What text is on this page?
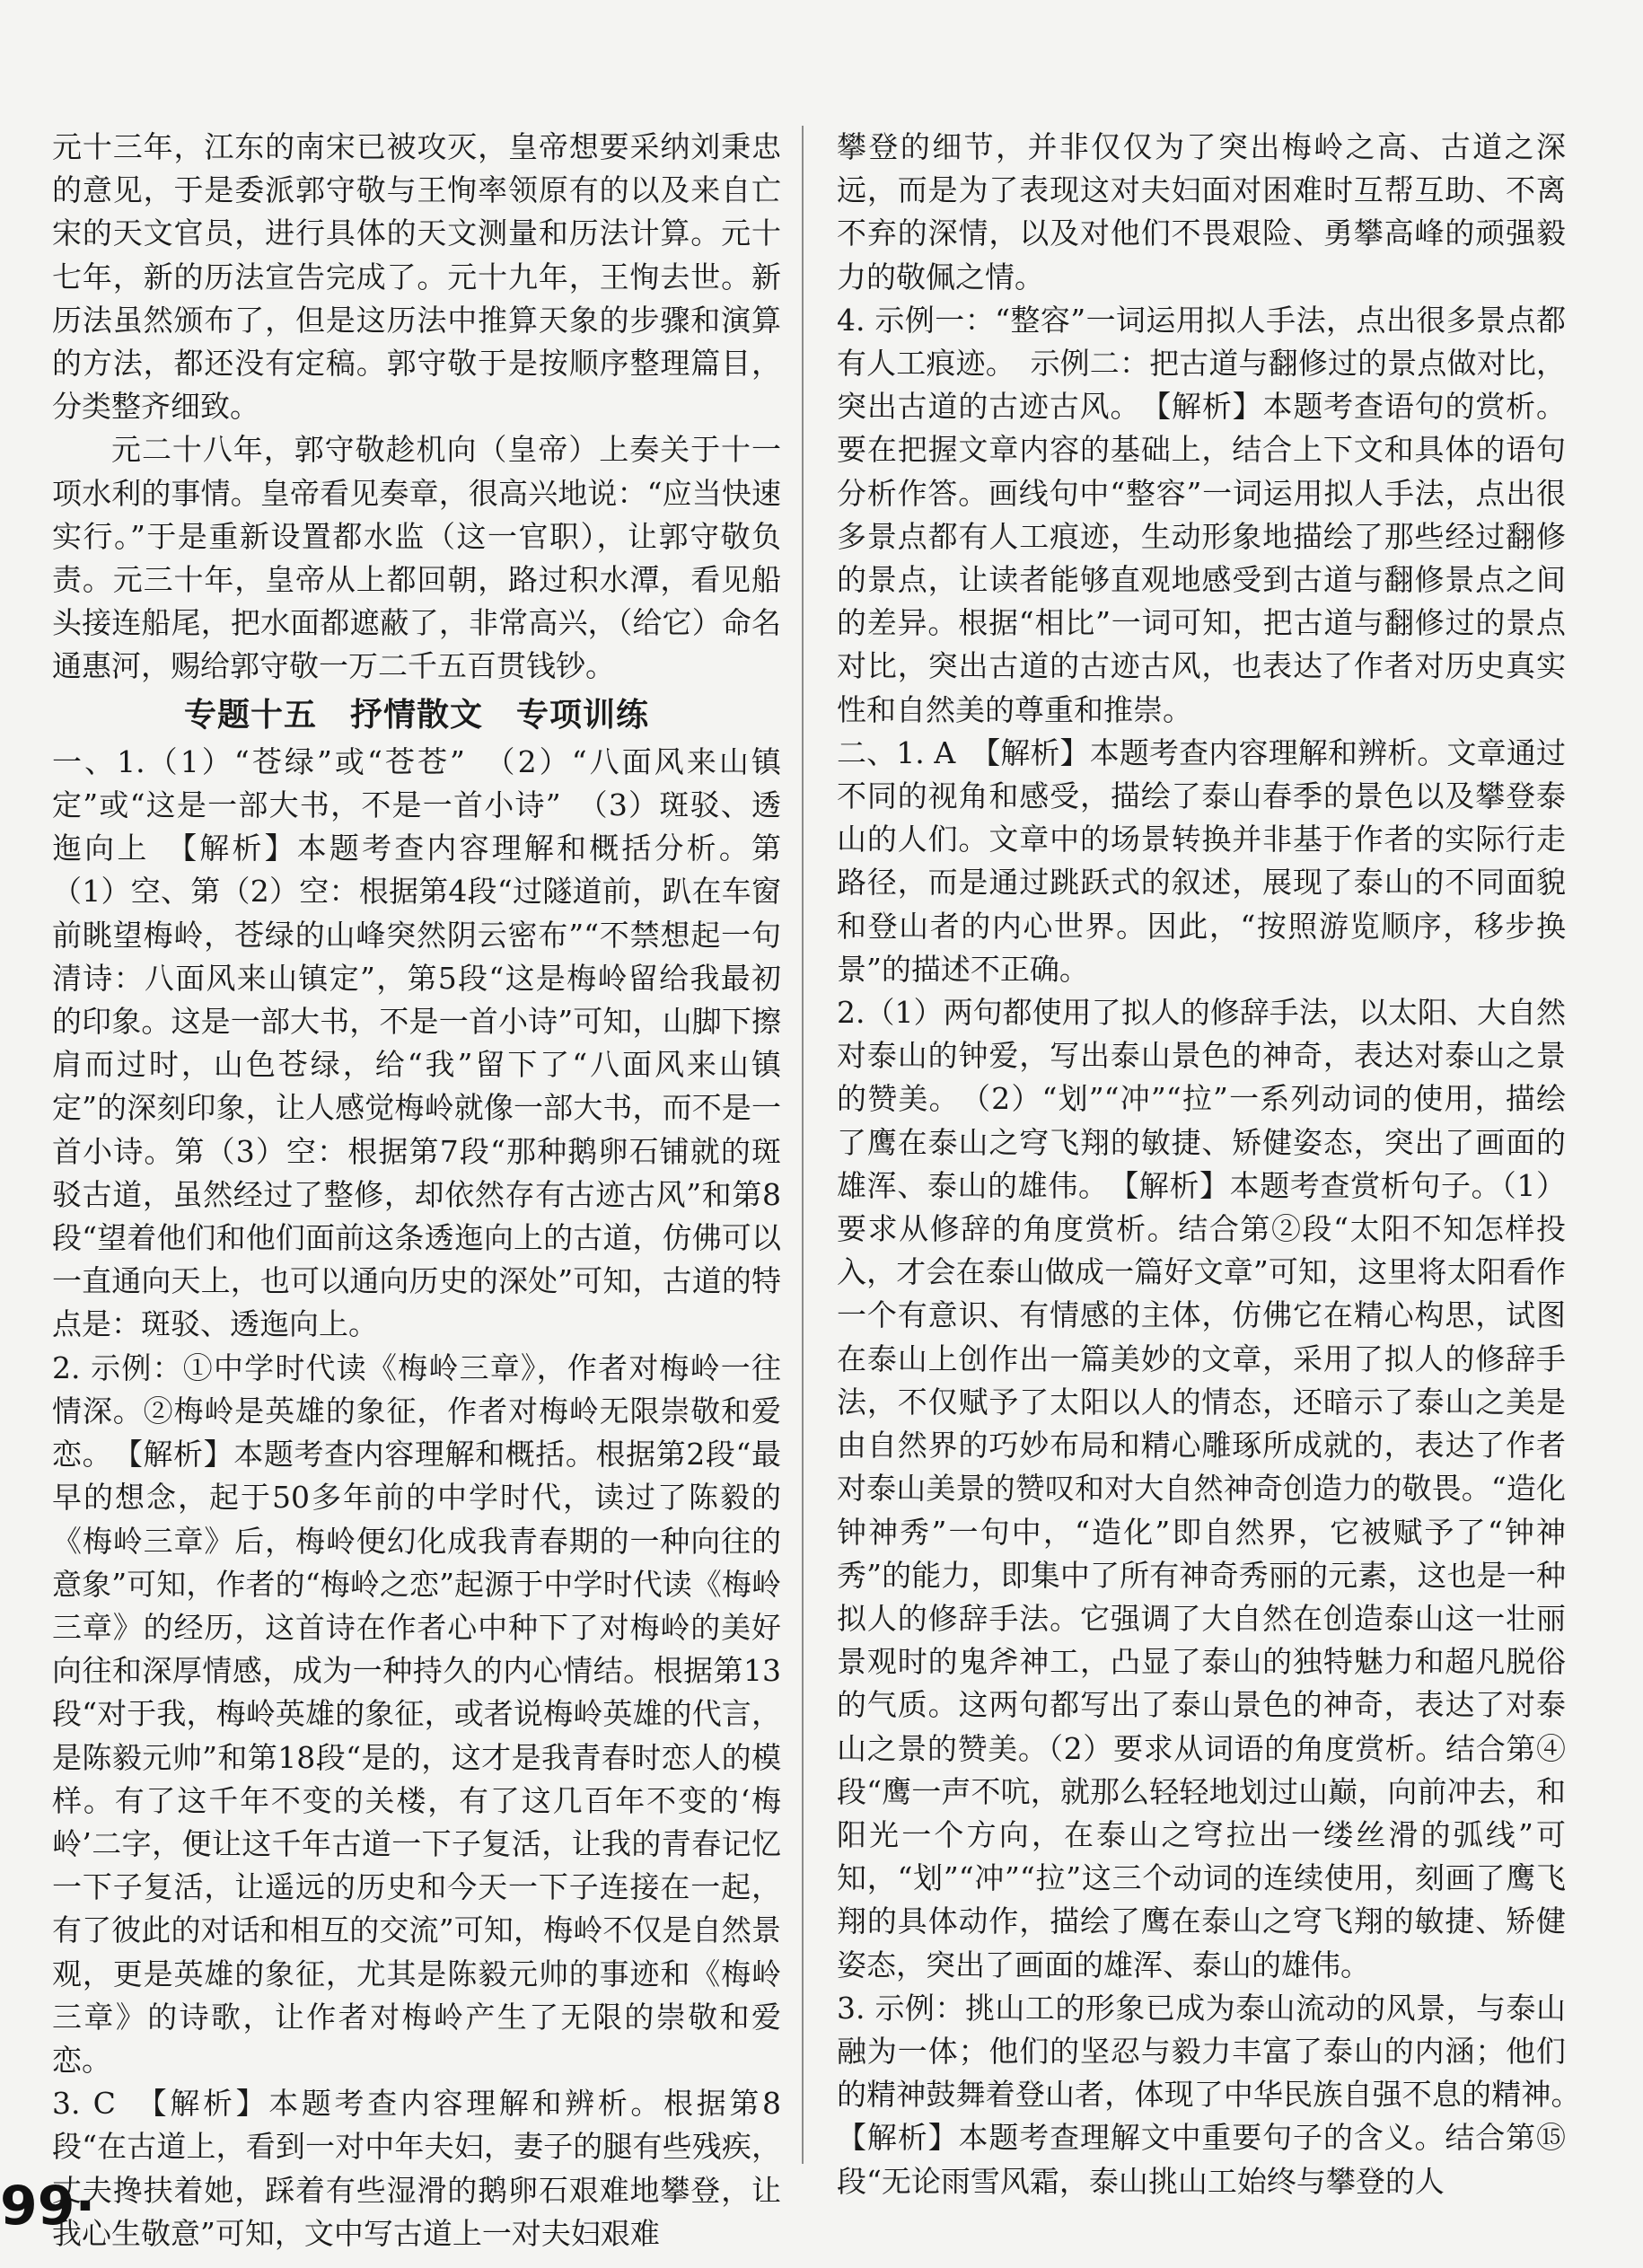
元十三年，江东的南宋已被攻灭，皇帝想要采纳刘秉忠的意见，于是委派郭守敬与王恂率领原有的以及来自亡宋的天文官员，进行具体的天文测量和历法计算。元十七年，新的历法宣告完成了。元十九年，王恂去世。新历法虽然颁布了，但是这历法中推算天象的步骤和演算的方法，都还没有定稿。郭守敬于是按顺序整理篇目，分类整齐细致。

元二十八年，郭守敬趁机向（皇帝）上奏关于十一项水利的事情。皇帝看见奏章，很高兴地说：“应当快速实行。”于是重新设置都水监（这一官职），让郭守敬负责。元三十年，皇帝从上都回朝，路过积水潭，看见船头接连船尾，把水面都遮蔽了，非常高兴，（给它）命名通惠河，赐给郭守敬一万二千五百贯钱钞。

专题十五　抒情散文　专项训练

一、1.（1）“苍绿”或“苍苍”　（2）“八面风来山镇定”或“这是一部大书，不是一首小诗”　（3）斑驳、透迤向上　【解析】本题考查内容理解和概括分析。第（1）空、第（2）空：根据第4段“过隧道前，趴在车窗前眺望梅岭，苍绿的山峰突然阴云密布”“不禁想起一句清诗：八面风来山镇定”，第5段“这是梅岭留给我最初的印象。这是一部大书，不是一首小诗”可知，山脚下擦肩而过时，山色苍绿，给“我”留下了“八面风来山镇定”的深刻印象，让人感觉梅岭就像一部大书，而不是一首小诗。第（3）空：根据第7段“那种鹅卵石铺就的斑驳古道，虽然经过了整修，却依然存有古迹古风”和第8段“望着他们和他们面前这条透迤向上的古道，仿佛可以一直通向天上，也可以通向历史的深处”可知，古道的特点是：斑驳、透迤向上。

2. 示例：①中学时代读《梅岭三章》，作者对梅岭一往情深。②梅岭是英雄的象征，作者对梅岭无限崇敬和爱恋。　【解析】本题考查内容理解和概括。根据第2段“最早的想念，起于50多年前的中学时代，读过了陈毅的《梅岭三章》后，梅岭便幻化成我青春期的一种向往的意象”可知，作者的“梅岭之恋”起源于中学时代读《梅岭三章》的经历，这首诗在作者心中种下了对梅岭的美好向往和深厚情感，成为一种持久的内心情结。根据第13段“对于我，梅岭英雄的象征，或者说梅岭英雄的代言，是陈毅元帅”和第18段“是的，这才是我青春时恋人的模样。有了这千年不变的关楼，有了这几百年不变的‘梅岭’二字，便让这千年古道一下子复活，让我的青春记忆一下子复活，让遥远的历史和今天一下子连接在一起，有了彼此的对话和相互的交流”可知，梅岭不仅是自然景观，更是英雄的象征，尤其是陈毅元帅的事迹和《梅岭三章》的诗歌，让作者对梅岭产生了无限的崇敬和爱恋。

3. C　【解析】本题考查内容理解和辨析。根据第8段“在古道上，看到一对中年夫妇，妻子的腿有些残疾，丈夫搀扶着她，踩着有些湿滑的鹅卵石艰难地攀登，让我心生敬意”可知，文中写古道上一对夫妇艰难

攀登的细节，并非仅仅为了突出梅岭之高、古道之深远，而是为了表现这对夫妇面对困难时互帮互助、不离不弃的深情，以及对他们不畏艰险、勇攀高峰的顽强毅力的敬佩之情。

4. 示例一：“整容”一词运用拟人手法，点出很多景点都有人工痕迹。　示例二：把古道与翻修过的景点做对比，突出古道的古迹古风。　【解析】本题考查语句的赏析。要在把握文章内容的基础上，结合上下文和具体的语句分析作答。画线句中“整容”一词运用拟人手法，点出很多景点都有人工痕迹，生动形象地描绘了那些经过翻修的景点，让读者能够直观地感受到古道与翻修景点之间的差异。根据“相比”一词可知，把古道与翻修过的景点对比，突出古道的古迹古风，也表达了作者对历史真实性和自然美的尊重和推崇。

二、1. A　【解析】本题考查内容理解和辨析。文章通过不同的视角和感受，描绘了泰山春季的景色以及攀登泰山的人们。文章中的场景转换并非基于作者的实际行走路径，而是通过跳跃式的叙述，展现了泰山的不同面貌和登山者的内心世界。因此，“按照游览顺序，移步换景”的描述不正确。

2.（1）两句都使用了拟人的修辞手法，以太阳、大自然对泰山的钟爱，写出泰山景色的神奇，表达对泰山之景的赞美。　（2）“划”“冲”“拉”一系列动词的使用，描绘了鹰在泰山之穹飞翔的敏捷、矫健姿态，突出了画面的雄浑、泰山的雄伟。　【解析】本题考查赏析句子。（1）要求从修辞的角度赏析。结合第②段“太阳不知怎样投入，才会在泰山做成一篇好文章”可知，这里将太阳看作一个有意识、有情感的主体，仿佛它在精心构思，试图在泰山上创作出一篇美妙的文章，采用了拟人的修辞手法，不仅赋予了太阳以人的情态，还暗示了泰山之美是由自然界的巧妙布局和精心雕琢所成就的，表达了作者对泰山美景的赞叹和对大自然神奇创造力的敬畏。“造化钟神秀”一句中，“造化”即自然界，它被赋予了“钟神秀”的能力，即集中了所有神奇秀丽的元素，这也是一种拟人的修辞手法。它强调了大自然在创造泰山这一壮丽景观时的鬼斧神工，凸显了泰山的独特魅力和超凡脱俗的气质。这两句都写出了泰山景色的神奇，表达了对泰山之景的赞美。（2）要求从词语的角度赏析。结合第④段“鹰一声不吭，就那么轻轻地划过山巅，向前冲去，和阳光一个方向，在泰山之穹拉出一缕丝滑的弧线”可知，“划”“冲”“拉”这三个动词的连续使用，刻画了鹰飞翔的具体动作，描绘了鹰在泰山之穹飞翔的敏捷、矫健姿态，突出了画面的雄浑、泰山的雄伟。

3. 示例：挑山工的形象已成为泰山流动的风景，与泰山融为一体；他们的坚忍与毅力丰富了泰山的内涵；他们的精神鼓舞着登山者，体现了中华民族自强不息的精神。　【解析】本题考查理解文中重要句子的含义。结合第⑮段“无论雨雪风霜，泰山挑山工始终与攀登的人

99·
